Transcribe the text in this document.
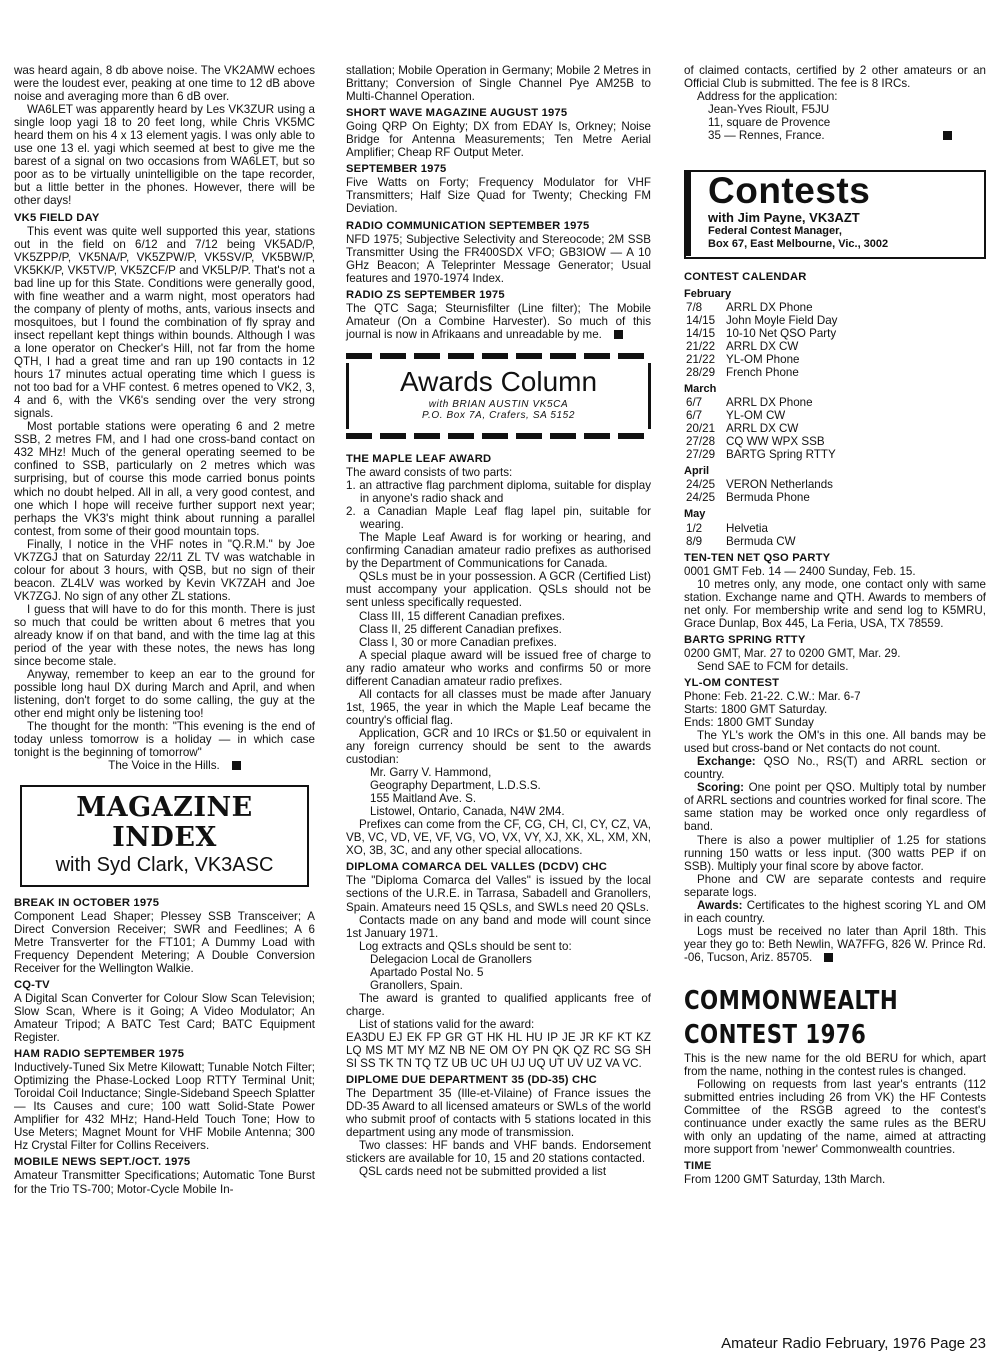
was heard again, 8 db above noise. The VK2AMW echoes were the loudest ever, peaking at one time to 12 dB above noise and averaging more than 6 dB over.

WA6LET was apparently heard by Les VK3ZUR using a single loop yagi 18 to 20 feet long, while Chris VK5MC heard them on his 4 x 13 element yagis. I was only able to use one 13 el. yagi which seemed at best to give me the barest of a signal on two occasions from WA6LET, but so poor as to be virtually unintelligible on the tape recorder, but a little better in the phones. However, there will be other days!

VK5 FIELD DAY

This event was quite well supported this year, stations out in the field on 6/12 and 7/12 being VK5AD/P, VK5ZPP/P, VK5NA/P, VK5ZPW/P, VK5SV/P, VK5BW/P, VK5KK/P, VK5TV/P, VK5ZCF/P and VK5LP/P. That's not a bad line up for this State. Conditions were generally good, with fine weather and a warm night, most operators had the company of plenty of moths, ants, various insects and mosquitoes, but I found the combination of fly spray and insect repellant kept things within bounds. Although I was a lone operator on Checker's Hill, not far from the home QTH, I had a great time and ran up 190 contacts in 12 hours 17 minutes actual operating time which I guess is not too bad for a VHF contest. 6 metres opened to VK2, 3, 4 and 6, with the VK6's sending over the very strong signals.

Most portable stations were operating 6 and 2 metre SSB, 2 metres FM, and I had one cross-band contact on 432 MHz! Much of the general operating seemed to be confined to SSB, particularly on 2 metres which was surprising, but of course this mode carried bonus points which no doubt helped. All in all, a very good contest, and one which I hope will receive further support next year; perhaps the VK3's might think about running a parallel contest, from some of their good mountain tops.

Finally, I notice in the VHF notes in "Q.R.M." by Joe VK7ZGJ that on Saturday 22/11 ZL TV was watchable in colour for about 3 hours, with QSB, but no sign of their beacon. ZL4LV was worked by Kevin VK7ZAH and Joe VK7ZGJ. No sign of any other ZL stations.

I guess that will have to do for this month. There is just so much that could be written about 6 metres that you already know if on that band, and with the time lag at this period of the year with these notes, the news has long since become stale.

Anyway, remember to keep an ear to the ground for possible long haul DX during March and April, and when listening, don't forget to do some calling, the guy at the other end might only be listening too!

The thought for the month: "This evening is the end of today unless tomorrow is a holiday — in which case tonight is the beginning of tomorrow"

The Voice in the Hills.

MAGAZINE INDEX
with Syd Clark, VK3ASC

BREAK IN OCTOBER 1975

Component Lead Shaper; Plessey SSB Transceiver; A Direct Conversion Receiver; SWR and Feedlines; A 6 Metre Transverter for the FT101; A Dummy Load with Frequency Dependent Metering; A Double Conversion Receiver for the Wellington Walkie.

CQ-TV

A Digital Scan Converter for Colour Slow Scan Television; Slow Scan, Where is it Going; A Video Modulator; An Amateur Tripod; A BATC Test Card; BATC Equipment Register.

HAM RADIO SEPTEMBER 1975

Inductively-Tuned Six Metre Kilowatt; Tunable Notch Filter; Optimizing the Phase-Locked Loop RTTY Terminal Unit; Toroidal Coil Inductance; Single-Sideband Speech Splatter — Its Causes and cure; 100 watt Solid-State Power Amplifier for 432 MHz; Hand-Held Touch Tone; How to Use Meters; Magnet Mount for VHF Mobile Antenna; 300 Hz Crystal Filter for Collins Receivers.

MOBILE NEWS SEPT./OCT. 1975

Amateur Transmitter Specifications; Automatic Tone Burst for the Trio TS-700; Motor-Cycle Mobile In-

stallation; Mobile Operation in Germany; Mobile 2 Metres in Brittany; Conversion of Single Channel Pye AM25B to Multi-Channel Operation.

SHORT WAVE MAGAZINE AUGUST 1975

Going QRP On Eighty; DX from EDAY Is, Orkney; Noise Bridge for Antenna Measurements; Ten Metre Aerial Amplifier; Cheap RF Output Meter.

SEPTEMBER 1975

Five Watts on Forty; Frequency Modulator for VHF Transmitters; Half Size Quad for Twenty; Checking FM Deviation.

RADIO COMMUNICATION SEPTEMBER 1975

NFD 1975; Subjective Selectivity and Stereocode; 2M SSB Transmitter Using the FR400SDX VFO; GB3IOW — A 10 GHz Beacon; A Teleprinter Message Generator; Usual features and 1970-1974 Index.

RADIO ZS SEPTEMBER 1975

The QTC Saga; Steurnisfilter (Line filter); The Mobile Amateur (On a Combine Harvester). So much of this journal is now in Afrikaans and unreadable by me.

Awards Column
with BRIAN AUSTIN VK5CA
P.O. Box 7A, Crafers, SA 5152

THE MAPLE LEAF AWARD

The award consists of two parts:

1. an attractive flag parchment diploma, suitable for display in anyone's radio shack and

2. a Canadian Maple Leaf flag lapel pin, suitable for wearing.

The Maple Leaf Award is for working or hearing, and confirming Canadian amateur radio prefixes as authorised by the Department of Communications for Canada.

QSLs must be in your possession. A GCR (Certified List) must accompany your application. QSLs should not be sent unless specifically requested.

Class III, 15 different Canadian prefixes.

Class II, 25 different Canadian prefixes.

Class I, 30 or more Canadian prefixes.

A special plaque award will be issued free of charge to any radio amateur who works and confirms 50 or more different Canadian amateur radio prefixes.

All contacts for all classes must be made after January 1st, 1965, the year in which the Maple Leaf became the country's official flag.

Application, GCR and 10 IRCs or $1.50 or equivalent in any foreign currency should be sent to the awards custodian:

Mr. Garry V. Hammond,

Geography Department, L.D.S.S.

155 Maitland Ave. S.

Listowel, Ontario, Canada, N4W 2M4.

Prefixes can come from the CF, CG, CH, CI, CY, CZ, VA, VB, VC, VD, VE, VF, VG, VO, VX, VY, XJ, XK, XL, XM, XN, XO, 3B, 3C, and any other special allocations.

DIPLOMA COMARCA DEL VALLES (DCDV) CHC

The "Diploma Comarca del Valles" is issued by the local sections of the U.R.E. in Tarrasa, Sabadell and Granollers, Spain. Amateurs need 15 QSLs, and SWLs need 20 QSLs.

Contacts made on any band and mode will count since 1st January 1971.

Log extracts and QSLs should be sent to:

Delegacion Local de Granollers

Apartado Postal No. 5

Granollers, Spain.

The award is granted to qualified applicants free of charge.

List of stations valid for the award:

EA3DU EJ EK FP GR GT HK HL HU IP JE JR KF KT KZ LQ MS MT MY MZ NB NE OM OY PN QK QZ RC SG SH SI SS TK TN TQ TZ UB UC UH UJ UQ UT UV UZ VA VC.

DIPLOME DUE DEPARTMENT 35 (DD-35) CHC

The Department 35 (Ille-et-Vilaine) of France issues the DD-35 Award to all licensed amateurs or SWLs of the world who submit proof of contacts with 5 stations located in this department using any mode of transmission.

Two classes: HF bands and VHF bands. Endorsement stickers are available for 10, 15 and 20 stations contacted.

QSL cards need not be submitted provided a list

of claimed contacts, certified by 2 other amateurs or an Official Club is submitted. The fee is 8 IRCs.

Address for the application:

Jean-Yves Rioult, F5JU

11, square de Provence

35 — Rennes, France.

Contests
with Jim Payne, VK3AZT
Federal Contest Manager,
Box 67, East Melbourne, Vic., 3002

CONTEST CALENDAR

February

7/8	ARRL DX Phone
14/15	John Moyle Field Day
14/15	10-10 Net QSO Party
21/22	ARRL DX CW
21/22	YL-OM Phone
28/29	French Phone

March

6/7	ARRL DX Phone
6/7	YL-OM CW
20/21	ARRL DX CW
27/28	CQ WW WPX SSB
27/29	BARTG Spring RTTY

April

24/25	VERON Netherlands
24/25	Bermuda Phone

May

1/2	Helvetia
8/9	Bermuda CW

TEN-TEN NET QSO PARTY

0001 GMT Feb. 14 — 2400 Sunday, Feb. 15.

10 metres only, any mode, one contact only with same station. Exchange name and QTH. Awards to members of net only. For membership write and send log to K5MRU, Grace Dunlap, Box 445, La Feria, USA, TX 78559.

BARTG SPRING RTTY

0200 GMT, Mar. 27 to 0200 GMT, Mar. 29.

Send SAE to FCM for details.

YL-OM CONTEST

Phone: Feb. 21-22. C.W.: Mar. 6-7

Starts: 1800 GMT Saturday.

Ends: 1800 GMT Sunday

The YL's work the OM's in this one. All bands may be used but cross-band or Net contacts do not count.

Exchange: QSO No., RS(T) and ARRL section or country.

Scoring: One point per QSO. Multiply total by number of ARRL sections and countries worked for final score. The same station may be worked once only regardless of band.

There is also a power multiplier of 1.25 for stations running 150 watts or less input. (300 watts PEP if on SSB). Multiply your final score by above factor.

Phone and CW are separate contests and require separate logs.

Awards: Certificates to the highest scoring YL and OM in each country.

Logs must be received no later than April 18th. This year they go to: Beth Newlin, WA7FFG, 826 W. Prince Rd. -06, Tucson, Ariz. 85705.

COMMONWEALTH
CONTEST 1976

This is the new name for the old BERU for which, apart from the name, nothing in the contest rules is changed.

Following on requests from last year's entrants (112 submitted entries including 26 from VK) the HF Contests Committee of the RSGB agreed to the contest's continuance under exactly the same rules as the BERU with only an updating of the name, aimed at attracting more support from 'newer' Commonwealth countries.

TIME

From 1200 GMT Saturday, 13th March.

Amateur Radio February, 1976 Page 23
